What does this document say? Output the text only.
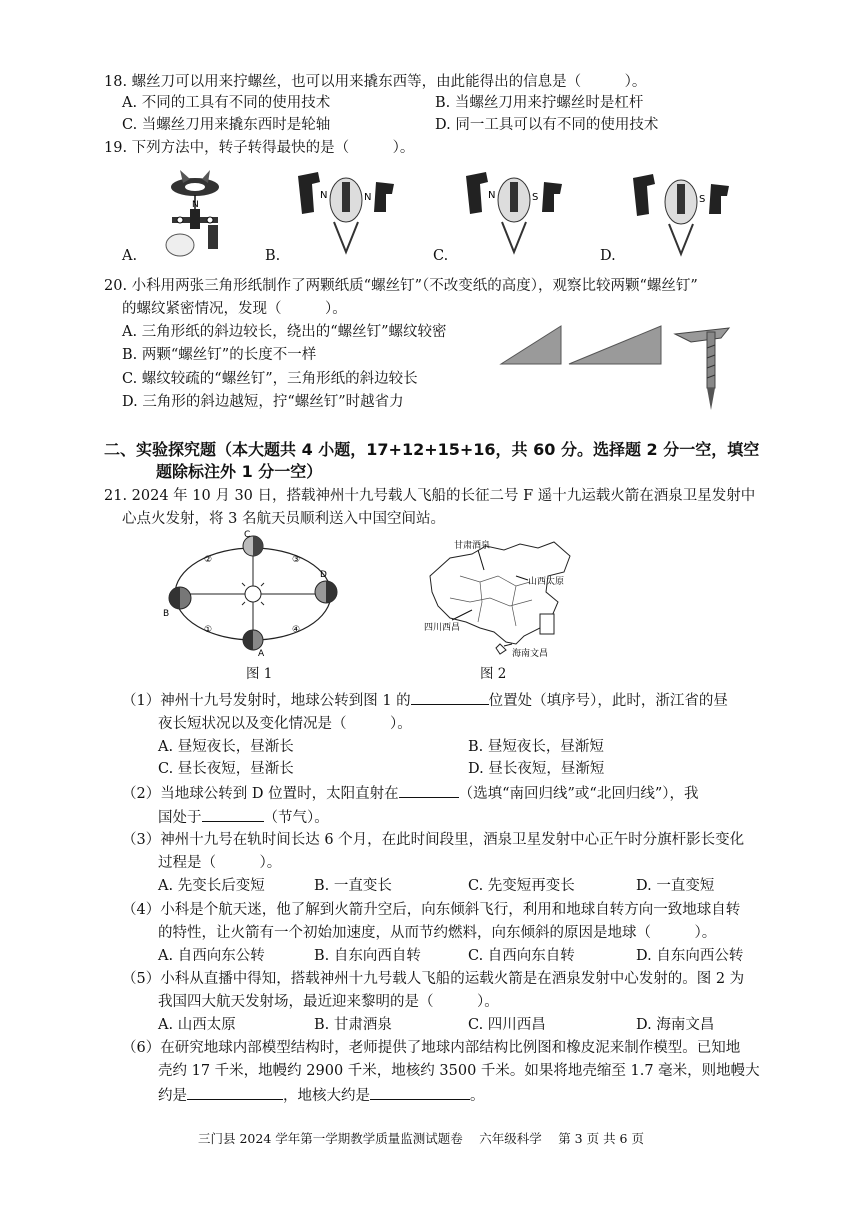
18. 螺丝刀可以用来拧螺丝，也可以用来撬东西等，由此能得出的信息是（　　　）。
A. 不同的工具有不同的使用技术	B. 当螺丝刀用来拧螺丝时是杠杆
C. 当螺丝刀用来撬东西时是轮轴	D. 同一工具可以有不同的使用技术
19. 下列方法中，转子转得最快的是（　　　）。
N
A.
N	N
B.
N	S
C.
S
D.
20. 小科用两张三角形纸制作了两颗纸质“螺丝钉”（不改变纸的高度），观察比较两颗“螺丝钉”
的螺纹紧密情况，发现（　　　）。
A. 三角形纸的斜边较长，绕出的“螺丝钉”螺纹较密
B. 两颗“螺丝钉”的长度不一样
C. 螺纹较疏的“螺丝钉”，三角形纸的斜边较长
D. 三角形的斜边越短，拧“螺丝钉”时越省力
二、实验探究题（本大题共 4 小题，17+12+15+16，共 60 分。选择题 2 分一空，填空
题除标注外 1 分一空）
21. 2024 年 10 月 30 日，搭载神州十九号载人飞船的长征二号 F 遥十九运载火箭在酒泉卫星发射中
心点火发射，将 3 名航天员顺利送入中国空间站。
C
D
B
A
②	③
①	④
图 1
甘肃酒泉
山西太原
四川西昌
海南文昌
图 2
（1）神州十九号发射时，地球公转到图 1 的	位置处（填序号），此时，浙江省的昼
夜长短状况以及变化情况是（　　　）。
A. 昼短夜长，昼渐长	B. 昼短夜长，昼渐短
C. 昼长夜短，昼渐长	D. 昼长夜短，昼渐短
（2）当地球公转到 D 位置时，太阳直射在	（选填“南回归线”或“北回归线”），我
国处于	（节气）。
（3）神州十九号在轨时间长达 6 个月，在此时间段里，酒泉卫星发射中心正午时分旗杆影长变化
过程是（　　　）。
A. 先变长后变短	B. 一直变长	C. 先变短再变长	D. 一直变短
（4）小科是个航天迷，他了解到火箭升空后，向东倾斜飞行，利用和地球自转方向一致地球自转
的特性，让火箭有一个初始加速度，从而节约燃料，向东倾斜的原因是地球（　　　）。
A. 自西向东公转	B. 自东向西自转	C. 自西向东自转	D. 自东向西公转
（5）小科从直播中得知，搭载神州十九号载人飞船的运载火箭是在酒泉发射中心发射的。图 2 为
我国四大航天发射场，最近迎来黎明的是（　　　）。
A. 山西太原	B. 甘肃酒泉	C. 四川西昌	D. 海南文昌
（6）在研究地球内部模型结构时，老师提供了地球内部结构比例图和橡皮泥来制作模型。已知地
壳约 17 千米，地幔约 2900 千米，地核约 3500 千米。如果将地壳缩至 1.7 毫米，则地幔大
约是	，地核大约是	。
三门县 2024 学年第一学期教学质量监测试题卷　 六年级科学　 第 3 页 共 6 页
